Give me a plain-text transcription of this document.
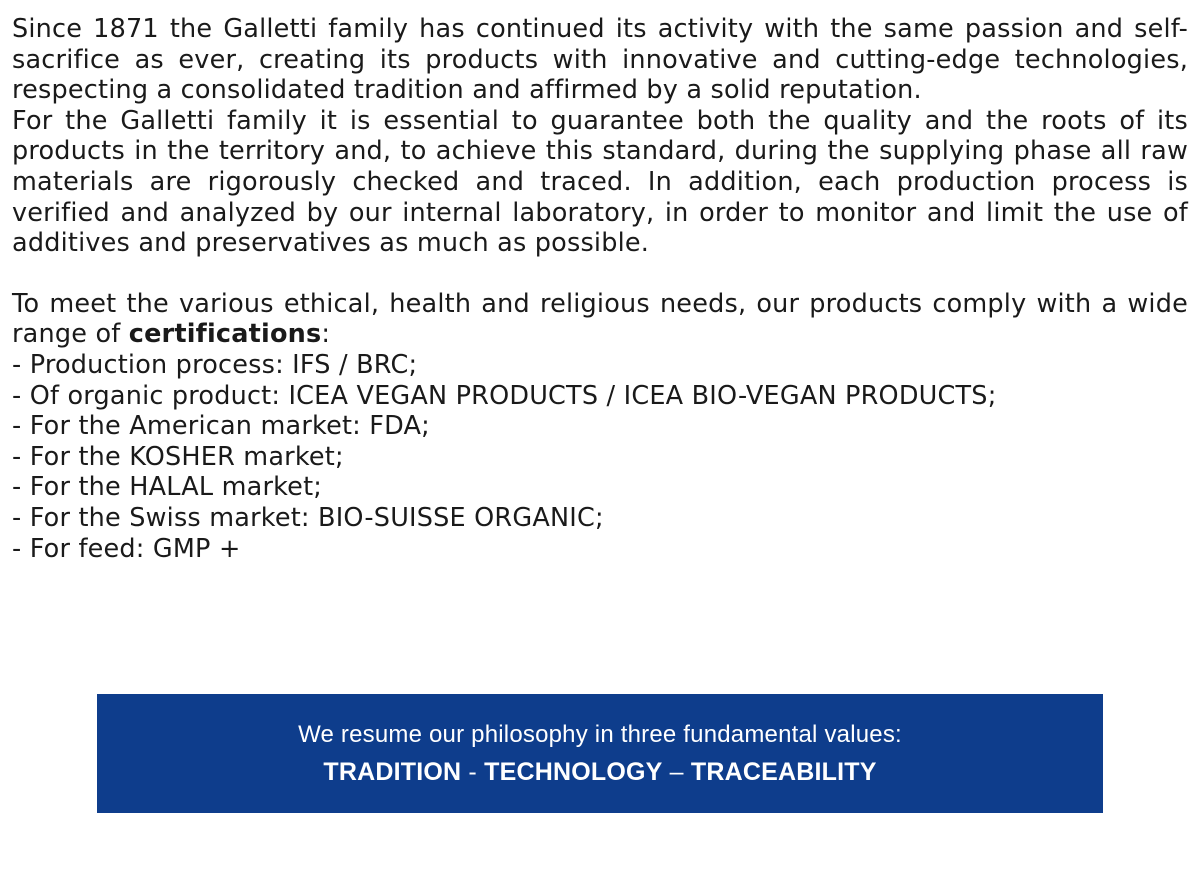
Since 1871 the Galletti family has continued its activity with the same passion and self-sacrifice as ever, creating its products with innovative and cutting-edge technologies, respecting a consolidated tradition and affirmed by a solid reputation.

For the Galletti family it is essential to guarantee both the quality and the roots of its products in the territory and, to achieve this standard, during the supplying phase all raw materials are rigorously checked and traced. In addition, each production process is verified and analyzed by our internal laboratory, in order to monitor and limit the use of additives and preservatives as much as possible.

To meet the various ethical, health and religious needs, our products comply with a wide range of certifications:

- Production process: IFS / BRC;

- Of organic product: ICEA VEGAN PRODUCTS / ICEA BIO-VEGAN PRODUCTS;

- For the American market: FDA;

- For the KOSHER market;

- For the HALAL market;

- For the Swiss market: BIO-SUISSE ORGANIC;

- For feed: GMP +

We resume our philosophy in three fundamental values:
TRADITION - TECHNOLOGY – TRACEABILITY
